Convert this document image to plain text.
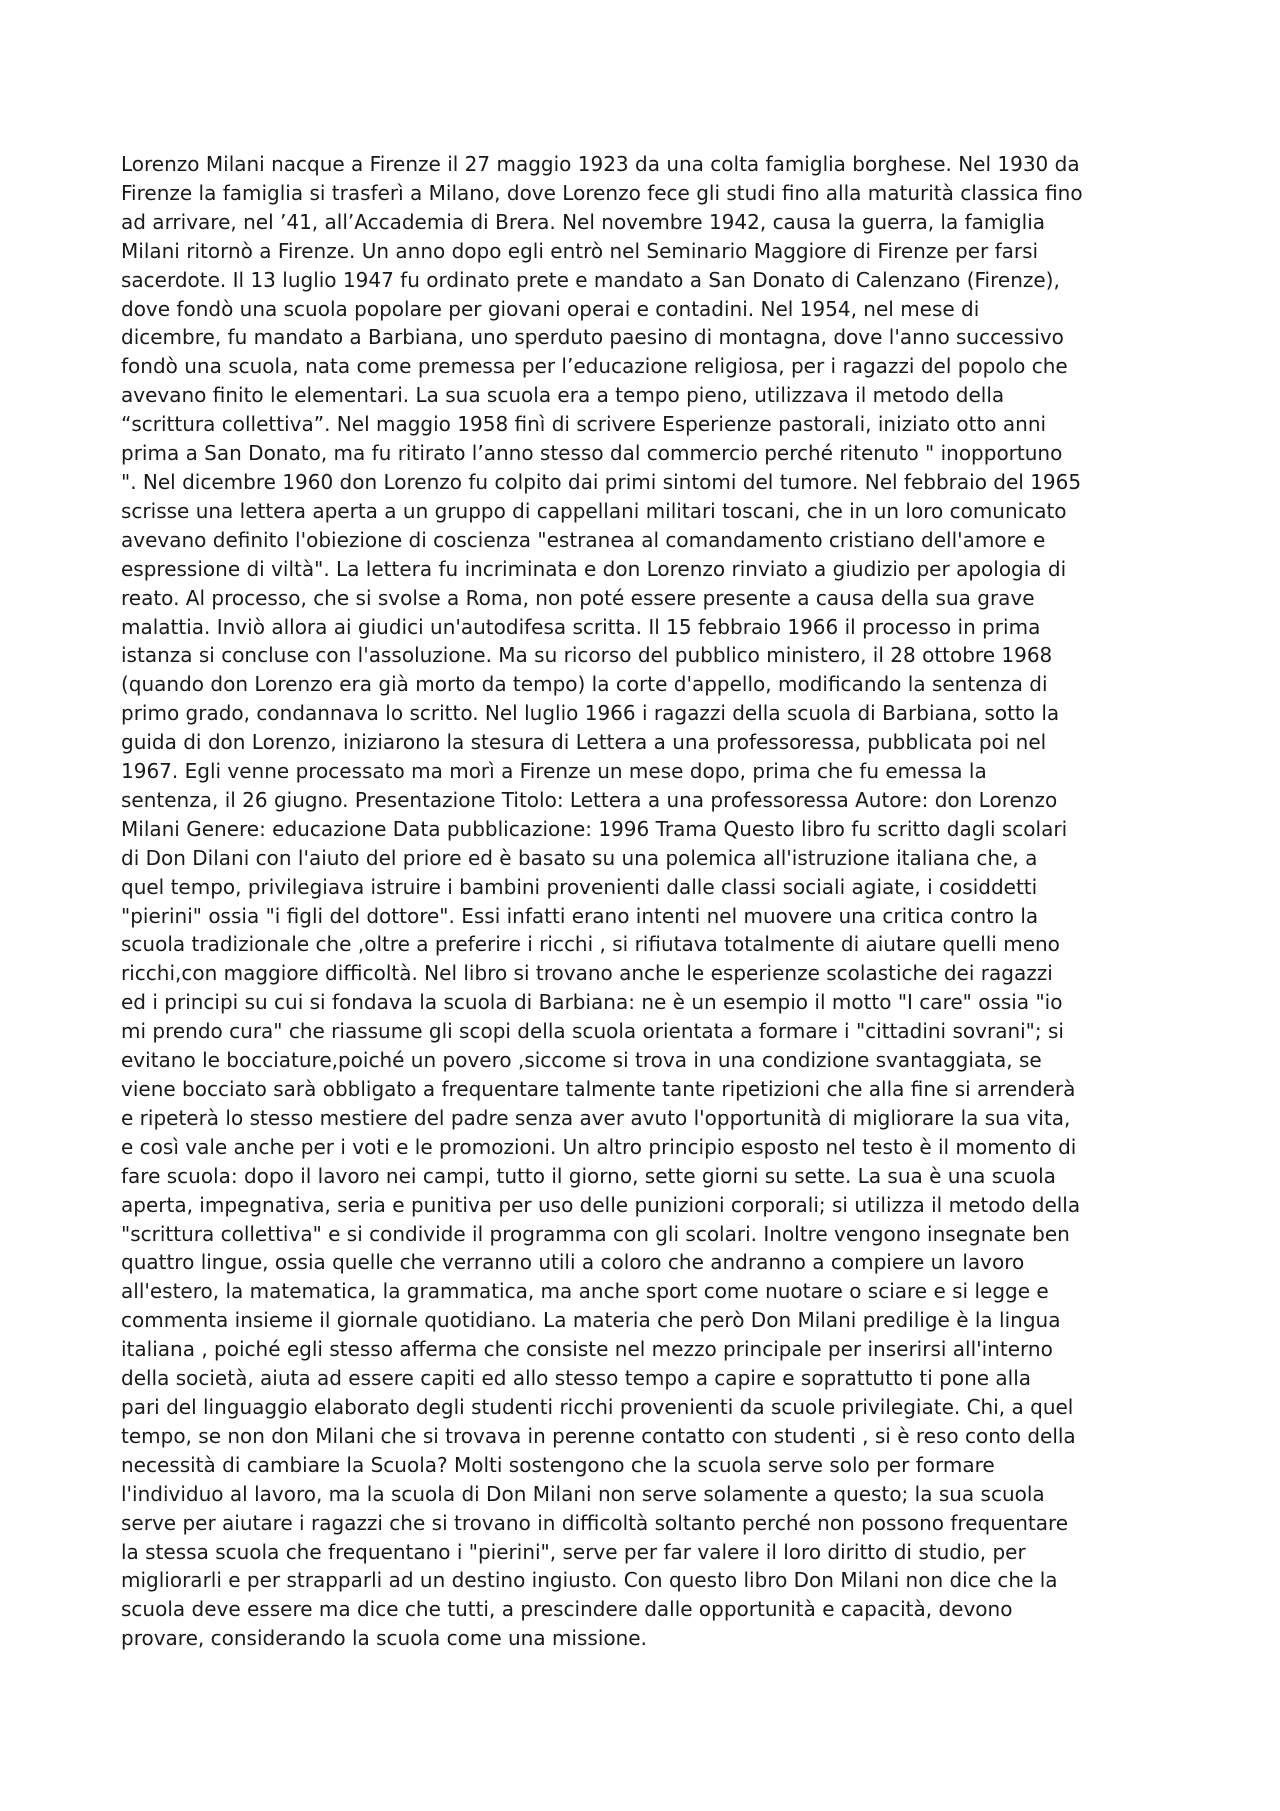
Lorenzo Milani nacque a Firenze il 27 maggio 1923 da una colta famiglia borghese. Nel 1930 da
Firenze la famiglia si trasferì a Milano, dove Lorenzo fece gli studi fino alla maturità classica fino
ad arrivare, nel ’41, all’Accademia di Brera. Nel novembre 1942, causa la guerra, la famiglia
Milani ritornò a Firenze. Un anno dopo egli entrò nel Seminario Maggiore di Firenze per farsi
sacerdote. Il 13 luglio 1947 fu ordinato prete e mandato a San Donato di Calenzano (Firenze),
dove fondò una scuola popolare per giovani operai e contadini. Nel 1954, nel mese di
dicembre, fu mandato a Barbiana, uno sperduto paesino di montagna, dove l'anno successivo
fondò una scuola, nata come premessa per l’educazione religiosa, per i ragazzi del popolo che
avevano finito le elementari. La sua scuola era a tempo pieno, utilizzava il metodo della
“scrittura collettiva”. Nel maggio 1958 finì di scrivere Esperienze pastorali, iniziato otto anni
prima a San Donato, ma fu ritirato l’anno stesso dal commercio perché ritenuto " inopportuno
". Nel dicembre 1960 don Lorenzo fu colpito dai primi sintomi del tumore. Nel febbraio del 1965
scrisse una lettera aperta a un gruppo di cappellani militari toscani, che in un loro comunicato
avevano definito l'obiezione di coscienza "estranea al comandamento cristiano dell'amore e
espressione di viltà". La lettera fu incriminata e don Lorenzo rinviato a giudizio per apologia di
reato. Al processo, che si svolse a Roma, non poté essere presente a causa della sua grave
malattia. Inviò allora ai giudici un'autodifesa scritta. Il 15 febbraio 1966 il processo in prima
istanza si concluse con l'assoluzione. Ma su ricorso del pubblico ministero, il 28 ottobre 1968
(quando don Lorenzo era già morto da tempo) la corte d'appello, modificando la sentenza di
primo grado, condannava lo scritto. Nel luglio 1966 i ragazzi della scuola di Barbiana, sotto la
guida di don Lorenzo, iniziarono la stesura di Lettera a una professoressa, pubblicata poi nel
1967. Egli venne processato ma morì a Firenze un mese dopo, prima che fu emessa la
sentenza, il 26 giugno. Presentazione Titolo: Lettera a una professoressa Autore: don Lorenzo
Milani Genere: educazione Data pubblicazione: 1996 Trama Questo libro fu scritto dagli scolari
di Don Dilani con l'aiuto del priore ed è basato su una polemica all'istruzione italiana che, a
quel tempo, privilegiava istruire i bambini provenienti dalle classi sociali agiate, i cosiddetti
"pierini" ossia "i figli del dottore". Essi infatti erano intenti nel muovere una critica contro la
scuola tradizionale che ,oltre a preferire i ricchi , si rifiutava totalmente di aiutare quelli meno
ricchi,con maggiore difficoltà. Nel libro si trovano anche le esperienze scolastiche dei ragazzi
ed i principi su cui si fondava la scuola di Barbiana: ne è un esempio il motto "I care" ossia "io
mi prendo cura" che riassume gli scopi della scuola orientata a formare i "cittadini sovrani"; si
evitano le bocciature,poiché un povero ,siccome si trova in una condizione svantaggiata, se
viene bocciato sarà obbligato a frequentare talmente tante ripetizioni che alla fine si arrenderà
e ripeterà lo stesso mestiere del padre senza aver avuto l'opportunità di migliorare la sua vita,
e così vale anche per i voti e le promozioni. Un altro principio esposto nel testo è il momento di
fare scuola: dopo il lavoro nei campi, tutto il giorno, sette giorni su sette. La sua è una scuola
aperta, impegnativa, seria e punitiva per uso delle punizioni corporali; si utilizza il metodo della
"scrittura collettiva" e si condivide il programma con gli scolari. Inoltre vengono insegnate ben
quattro lingue, ossia quelle che verranno utili a coloro che andranno a compiere un lavoro
all'estero, la matematica, la grammatica, ma anche sport come nuotare o sciare e si legge e
commenta insieme il giornale quotidiano. La materia che però Don Milani predilige è la lingua
italiana , poiché egli stesso afferma che consiste nel mezzo principale per inserirsi all'interno
della società, aiuta ad essere capiti ed allo stesso tempo a capire e soprattutto ti pone alla
pari del linguaggio elaborato degli studenti ricchi provenienti da scuole privilegiate. Chi, a quel
tempo, se non don Milani che si trovava in perenne contatto con studenti , si è reso conto della
necessità di cambiare la Scuola? Molti sostengono che la scuola serve solo per formare
l'individuo al lavoro, ma la scuola di Don Milani non serve solamente a questo; la sua scuola
serve per aiutare i ragazzi che si trovano in difficoltà soltanto perché non possono frequentare
la stessa scuola che frequentano i "pierini", serve per far valere il loro diritto di studio, per
migliorarli e per strapparli ad un destino ingiusto. Con questo libro Don Milani non dice che la
scuola deve essere ma dice che tutti, a prescindere dalle opportunità e capacità, devono
provare, considerando la scuola come una missione.
